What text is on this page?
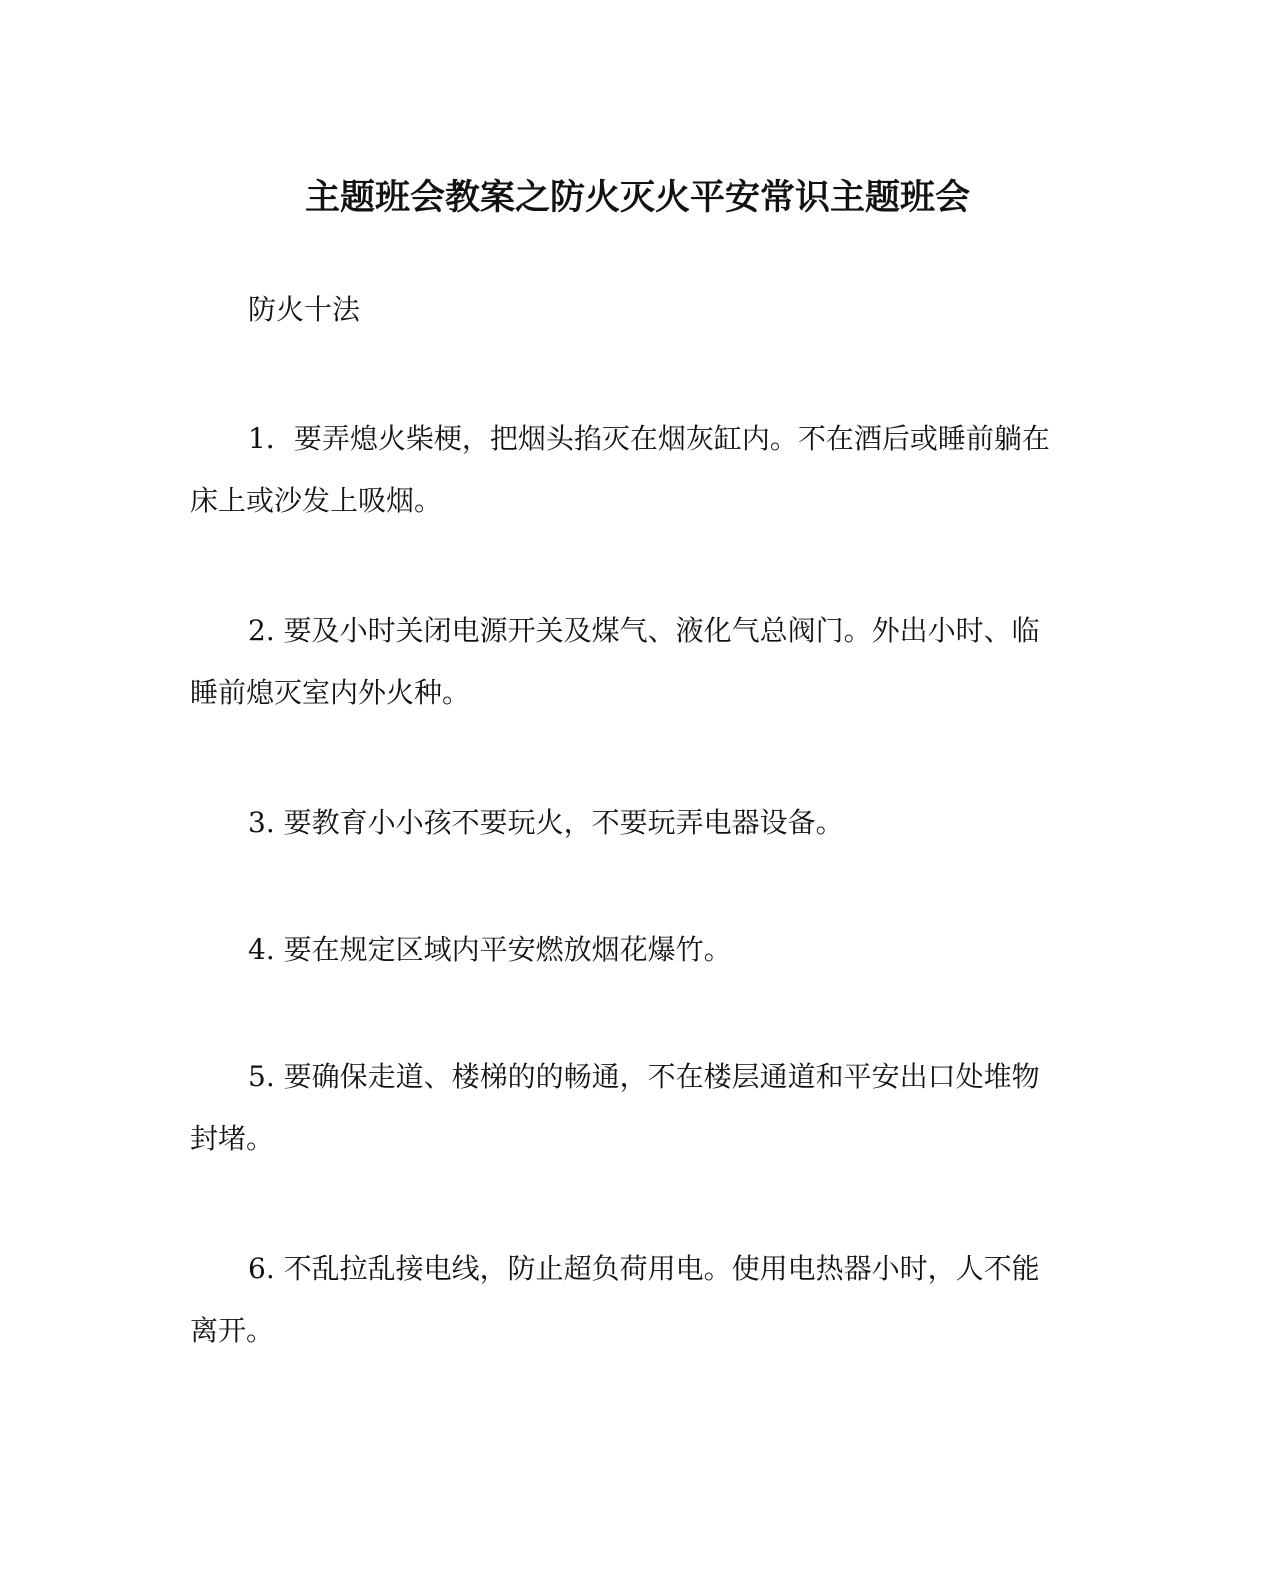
主题班会教案之防火灭火平安常识主题班会

防火十法

1．要弄熄火柴梗，把烟头掐灭在烟灰缸内。不在酒后或睡前躺在床上或沙发上吸烟。

2. 要及小时关闭电源开关及煤气、液化气总阀门。外出小时、临睡前熄灭室内外火种。

3. 要教育小小孩不要玩火，不要玩弄电器设备。

4. 要在规定区域内平安燃放烟花爆竹。

5. 要确保走道、楼梯的的畅通，不在楼层通道和平安出口处堆物封堵。

6. 不乱拉乱接电线，防止超负荷用电。使用电热器小时，人不能离开。
